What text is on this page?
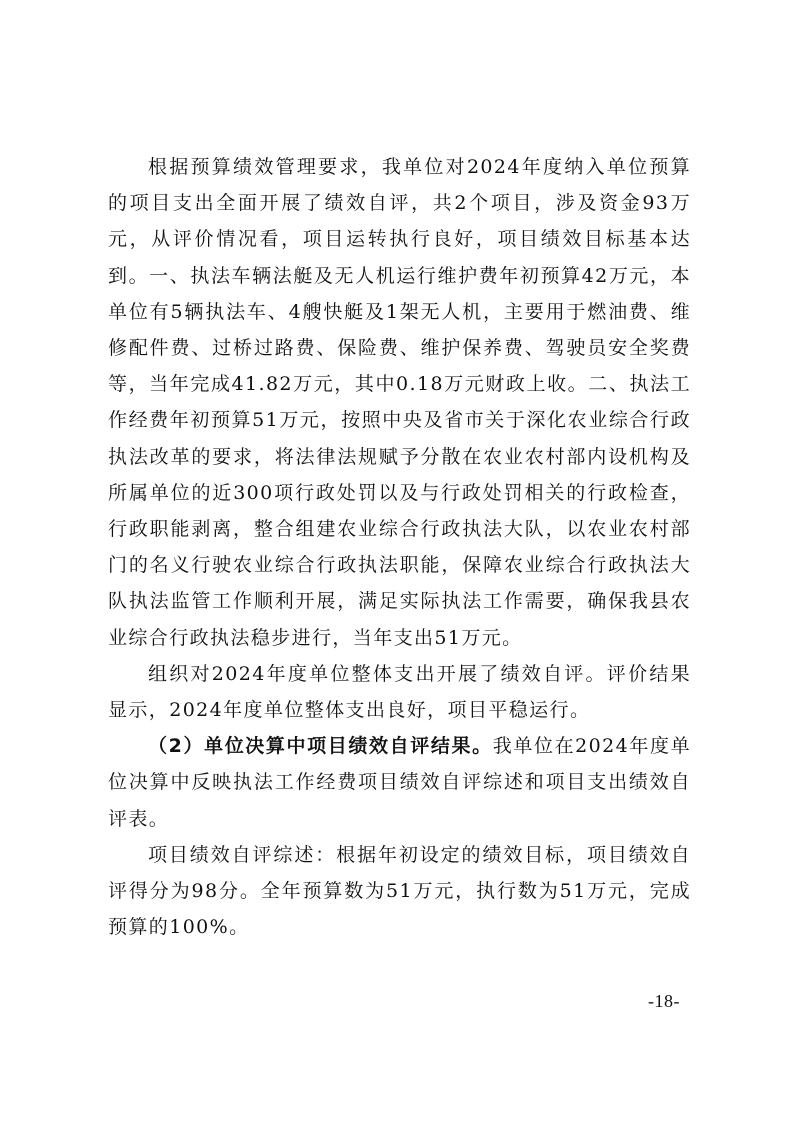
根据预算绩效管理要求，我单位对2024年度纳入单位预算的项目支出全面开展了绩效自评，共2个项目，涉及资金93万元，从评价情况看，项目运转执行良好，项目绩效目标基本达到。一、执法车辆法艇及无人机运行维护费年初预算42万元，本单位有5辆执法车、4艘快艇及1架无人机，主要用于燃油费、维修配件费、过桥过路费、保险费、维护保养费、驾驶员安全奖费等，当年完成41.82万元，其中0.18万元财政上收。二、执法工作经费年初预算51万元，按照中央及省市关于深化农业综合行政执法改革的要求，将法律法规赋予分散在农业农村部内设机构及所属单位的近300项行政处罚以及与行政处罚相关的行政检查，行政职能剥离，整合组建农业综合行政执法大队，以农业农村部门的名义行驶农业综合行政执法职能，保障农业综合行政执法大队执法监管工作顺利开展，满足实际执法工作需要，确保我县农业综合行政执法稳步进行，当年支出51万元。

组织对2024年度单位整体支出开展了绩效自评。评价结果显示，2024年度单位整体支出良好，项目平稳运行。

（2）单位决算中项目绩效自评结果。我单位在2024年度单位决算中反映执法工作经费项目绩效自评综述和项目支出绩效自评表。

项目绩效自评综述：根据年初设定的绩效目标，项目绩效自评得分为98分。全年预算数为51万元，执行数为51万元，完成预算的100%。

-18-
